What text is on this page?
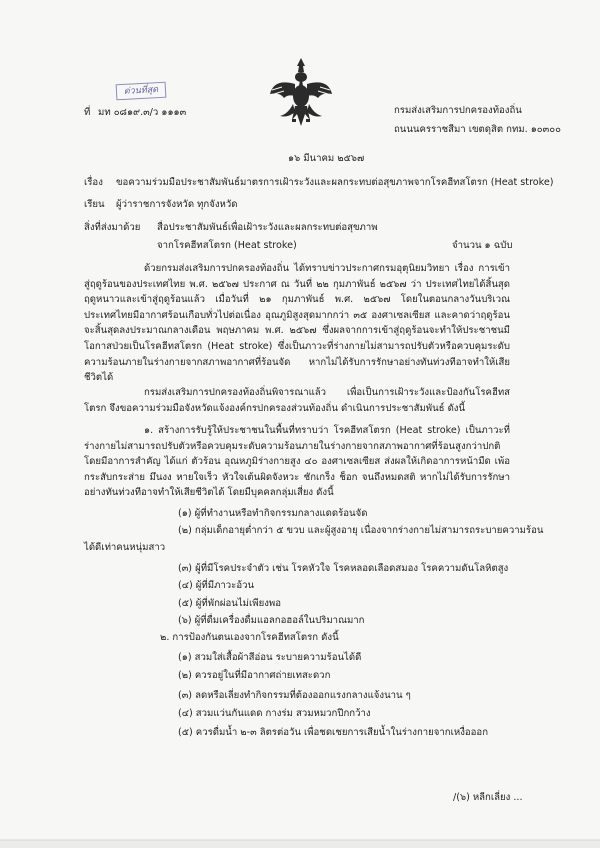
ด่วนที่สุด
ที่ มท ๐๘๑๙.๓/ว ๑๑๑๓	กรมส่งเสริมการปกครองท้องถิ่น
ถนนนครราชสีมา เขตดุสิต กทม. ๑๐๓๐๐
๑๖ มีนาคม ๒๕๖๗
เรื่อง ขอความร่วมมือประชาสัมพันธ์มาตรการเฝ้าระวังและผลกระทบต่อสุขภาพจากโรคฮีทสโตรก (Heat stroke)
เรียน ผู้ว่าราชการจังหวัด ทุกจังหวัด
สิ่งที่ส่งมาด้วย สื่อประชาสัมพันธ์เพื่อเฝ้าระวังและผลกระทบต่อสุขภาพ
จากโรคฮีทสโตรก (Heat stroke)	จำนวน ๑ ฉบับ
ด้วยกรมส่งเสริมการปกครองท้องถิ่น ได้ทราบข่าวประกาศกรมอุตุนิยมวิทยา เรื่อง การเข้าสู่ฤดูร้อนของประเทศไทย พ.ศ. ๒๕๖๗ ประกาศ ณ วันที่ ๒๒ กุมภาพันธ์ ๒๕๖๗ ว่า ประเทศไทยได้สิ้นสุดฤดูหนาวและเข้าสู่ฤดูร้อนแล้ว เมื่อวันที่ ๒๑ กุมภาพันธ์ พ.ศ. ๒๕๖๗ โดยในตอนกลางวันบริเวณประเทศไทยมีอากาศร้อนเกือบทั่วไปต่อเนื่อง อุณภูมิสูงสุดมากกว่า ๓๕ องศาเซลเซียส และคาดว่าฤดูร้อนจะสิ้นสุดลงประมาณกลางเดือน พฤษภาคม พ.ศ. ๒๕๖๗ ซึ่งผลจากการเข้าสู่ฤดูร้อนจะทำให้ประชาชนมีโอกาสป่วยเป็นโรคฮีทสโตรก (Heat stroke) ซึ่งเป็นภาวะที่ร่างกายไม่สามารถปรับตัวหรือควบคุมระดับความร้อนภายในร่างกายจากสภาพอากาศที่ร้อนจัด หากไม่ได้รับการรักษาอย่างทันท่วงทีอาจทำให้เสียชีวิตได้
กรมส่งเสริมการปกครองท้องถิ่นพิจารณาแล้ว เพื่อเป็นการเฝ้าระวังและป้องกันโรคฮีทสโตรก จึงขอความร่วมมือจังหวัดแจ้งองค์กรปกครองส่วนท้องถิ่น ดำเนินการประชาสัมพันธ์ ดังนี้
๑. สร้างการรับรู้ให้ประชาชนในพื้นที่ทราบว่า โรคฮีทสโตรก (Heat stroke) เป็นภาวะที่ร่างกายไม่สามารถปรับตัวหรือควบคุมระดับความร้อนภายในร่างกายจากสภาพอากาศที่ร้อนสูงกว่าปกติ โดยมีอาการสำคัญ ได้แก่ ตัวร้อน อุณหภูมิร่างกายสูง ๔๐ องศาเซลเซียส ส่งผลให้เกิดอาการหน้ามืด เพ้อ กระสับกระส่าย มึนงง หายใจเร็ว หัวใจเต้นผิดจังหวะ ชักเกร็ง ช็อก จนถึงหมดสติ หากไม่ได้รับการรักษาอย่างทันท่วงทีอาจทำให้เสียชีวิตได้ โดยมีบุคคลกลุ่มเสี่ยง ดังนี้
(๑) ผู้ที่ทำงานหรือทำกิจกรรมกลางแดดร้อนจัด
(๒) กลุ่มเด็กอายุต่ำกว่า ๕ ขวบ และผู้สูงอายุ เนื่องจากร่างกายไม่สามารถระบายความร้อน
ได้ดีเท่าคนหนุ่มสาว
(๓) ผู้ที่มีโรคประจำตัว เช่น โรคหัวใจ โรคหลอดเลือดสมอง โรคความดันโลหิตสูง
(๔) ผู้ที่มีภาวะอ้วน
(๕) ผู้ที่พักผ่อนไม่เพียงพอ
(๖) ผู้ที่ดื่มเครื่องดื่มแอลกอฮอล์ในปริมาณมาก
๒. การป้องกันตนเองจากโรคฮีทสโตรก ดังนี้
(๑) สวมใส่เสื้อผ้าสีอ่อน ระบายความร้อนได้ดี
(๒) ควรอยู่ในที่มีอากาศถ่ายเทสะดวก
(๓) ลดหรือเลี่ยงทำกิจกรรมที่ต้องออกแรงกลางแจ้งนาน ๆ
(๔) สวมแว่นกันแดด กางร่ม สวมหมวกปีกกว้าง
(๕) ควรดื่มน้ำ ๒-๓ ลิตรต่อวัน เพื่อชดเชยการเสียน้ำในร่างกายจากเหงื่อออก
/(๖) หลีกเลี่ยง ...
